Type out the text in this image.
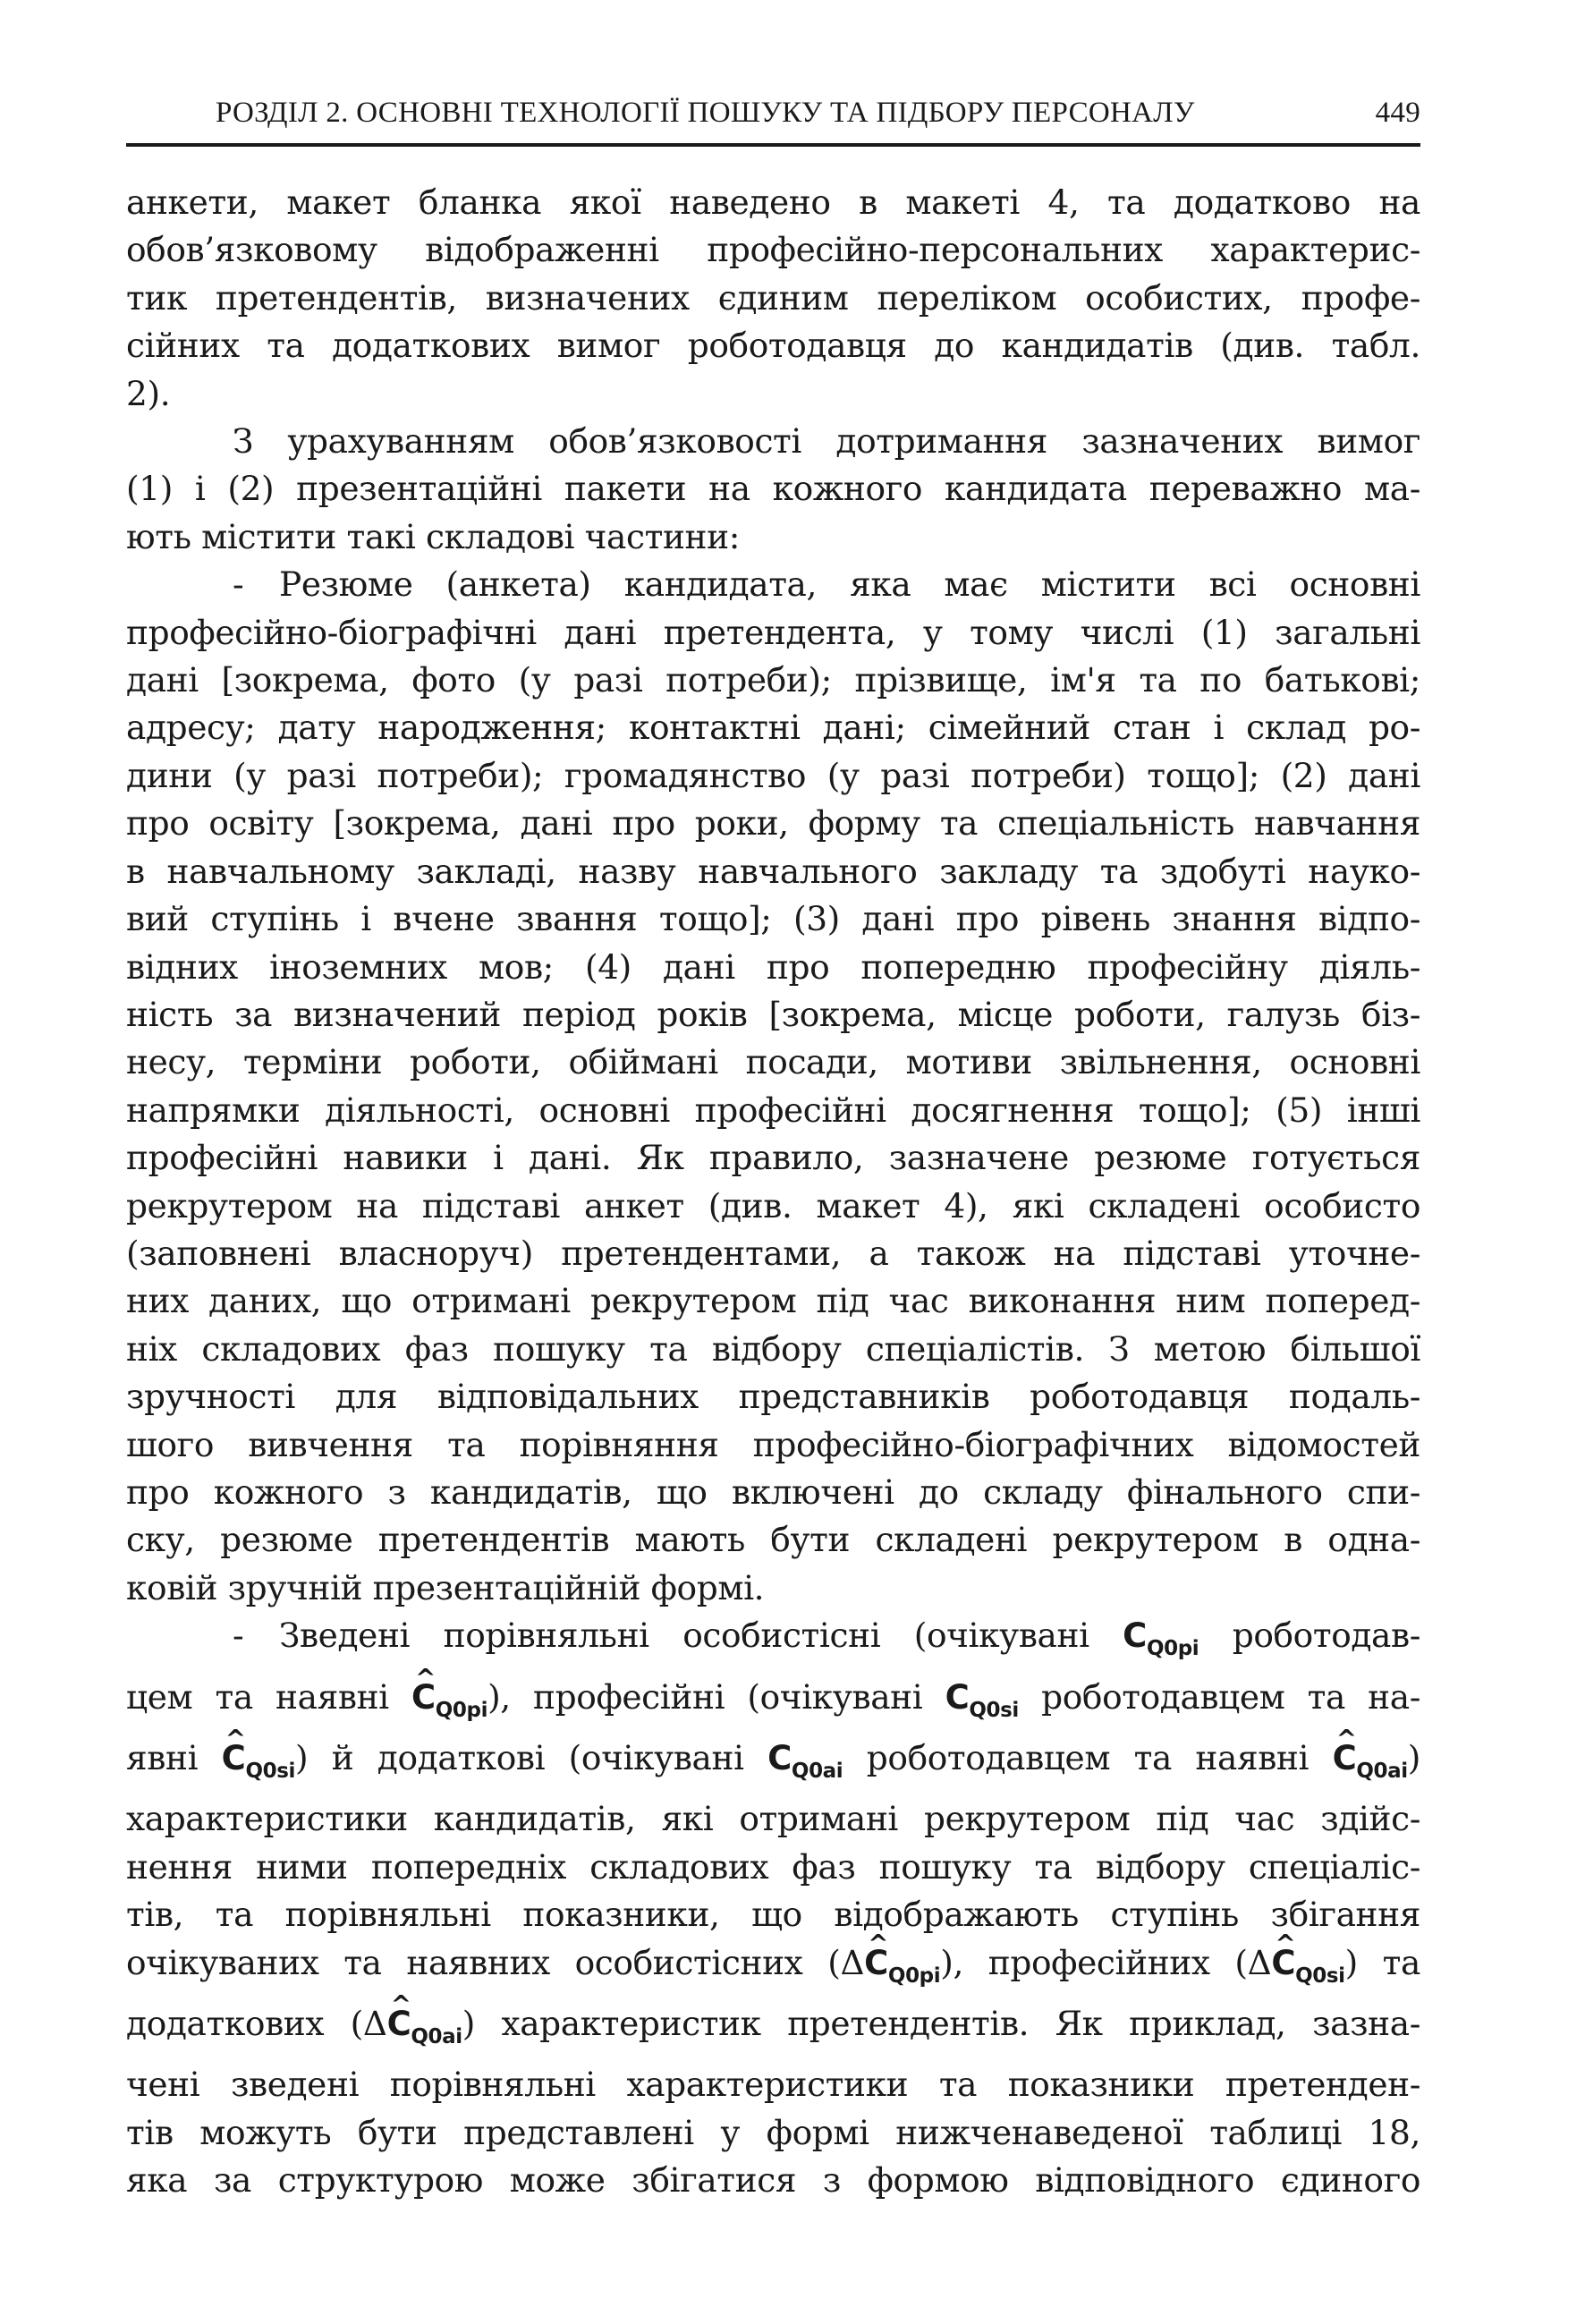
РОЗДІЛ 2. ОСНОВНІ ТЕХНОЛОГІЇ ПОШУКУ ТА ПІДБОРУ ПЕРСОНАЛУ	449

анкети, макет бланка якої наведено в макеті 4, та додатково на

обов’язковому відображенні професійно-персональних характерис-

тик претендентів, визначених єдиним переліком особистих, профе-

сійних та додаткових вимог роботодавця до кандидатів (див. табл.

2).

З урахуванням обов’язковості дотримання зазначених вимог

(1) і (2) презентаційні пакети на кожного кандидата переважно ма-

ють містити такі складові частини:

- Резюме (анкета) кандидата, яка має містити всі основні

професійно-біографічні дані претендента, у тому числі (1) загальні

дані [зокрема, фото (у разі потреби); прізвище, ім'я та по батькові;

адресу; дату народження; контактні дані; сімейний стан і склад ро-

дини (у разі потреби); громадянство (у разі потреби) тощо]; (2) дані

про освіту [зокрема, дані про роки, форму та спеціальність навчання

в навчальному закладі, назву навчального закладу та здобуті науко-

вий ступінь і вчене звання тощо]; (3) дані про рівень знання відпо-

відних іноземних мов; (4) дані про попередню професійну діяль-

ність за визначений період років [зокрема, місце роботи, галузь біз-

несу, терміни роботи, обіймані посади, мотиви звільнення, основні

напрямки діяльності, основні професійні досягнення тощо]; (5) інші

професійні навики і дані. Як правило, зазначене резюме готується

рекрутером на підставі анкет (див. макет 4), які складені особисто

(заповнені власноруч) претендентами, а також на підставі уточне-

них даних, що отримані рекрутером під час виконання ним поперед-

ніх складових фаз пошуку та відбору спеціалістів. З метою більшої

зручності для відповідальних представників роботодавця подаль-

шого вивчення та порівняння професійно-біографічних відомостей

про кожного з кандидатів, що включені до складу фінального спи-

ску, резюме претендентів мають бути складені рекрутером в одна-

ковій зручній презентаційній формі.

- Зведені порівняльні особистісні (очікувані $C_{Q0pi}$ роботодав-

цем та наявні ^ $C_{Q0pi}$), професійні (очікувані $C_{Q0si}$ роботодавцем та на-

явні ^ $C_{Q0si}$) й додаткові (очікувані $C_{Q0ai}$ роботодавцем та наявні ^ $C_{Q0ai}$)

характеристики кандидатів, які отримані рекрутером під час здійс-

нення ними попередніх складових фаз пошуку та відбору спеціаліс-

тів, та порівняльні показники, що відображають ступінь збігання

очікуваних та наявних особистісних (Δ^ $C_{Q0pi}$), професійних (Δ^ $C_{Q0si}$) та

додаткових (Δ^ $C_{Q0ai}$) характеристик претендентів. Як приклад, зазна-

чені зведені порівняльні характеристики та показники претенден-

тів можуть бути представлені у формі нижченаведеної таблиці 18,

яка за структурою може збігатися з формою відповідного єдиного
